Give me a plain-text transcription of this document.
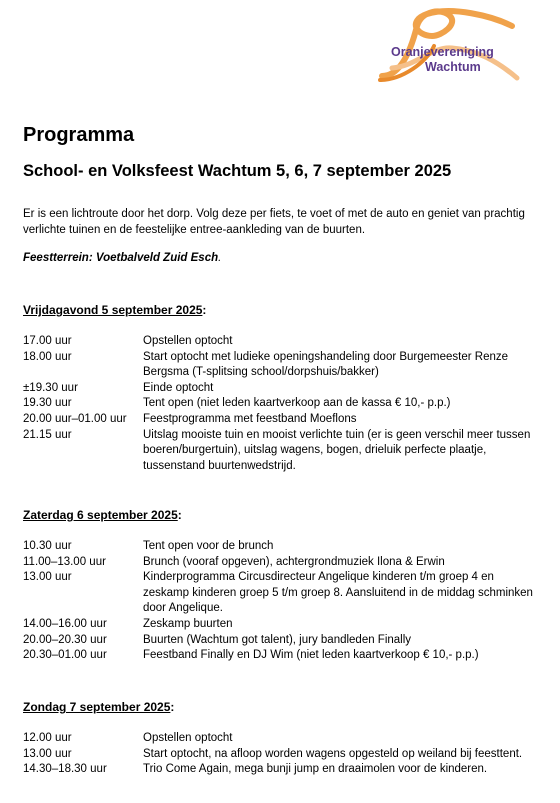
Oranjevereniging
Wachtum
Programma
School- en Volksfeest Wachtum 5, 6, 7 september 2025
Er is een lichtroute door het dorp. Volg deze per fiets, te voet of met de auto en geniet van prachtig verlichte tuinen en de feestelijke entree-aankleding van de buurten.
Feestterrein: Voetbalveld Zuid Esch.
Vrijdagavond 5 september 2025:
17.00 uur	Opstellen optocht
18.00 uur	Start optocht met ludieke openingshandeling door Burgemeester Renze Bergsma (T-splitsing school/dorpshuis/bakker)
±19.30 uur	Einde optocht
19.30 uur	Tent open (niet leden kaartverkoop aan de kassa € 10,- p.p.)
20.00 uur–01.00 uur	Feestprogramma met feestband Moeflons
21.15 uur	Uitslag mooiste tuin en mooist verlichte tuin (er is geen verschil meer tussen boeren/burgertuin), uitslag wagens, bogen, drieluik perfecte plaatje, tussenstand buurtenwedstrijd.
Zaterdag 6 september 2025:
10.30 uur	Tent open voor de brunch
11.00–13.00 uur	Brunch (vooraf opgeven), achtergrondmuziek Ilona & Erwin
13.00 uur	Kinderprogramma Circusdirecteur Angelique kinderen t/m groep 4 en zeskamp kinderen groep 5 t/m groep 8. Aansluitend in de middag schminken door Angelique.
14.00–16.00 uur	Zeskamp buurten
20.00–20.30 uur	Buurten (Wachtum got talent), jury bandleden Finally
20.30–01.00 uur	Feestband Finally en DJ Wim (niet leden kaartverkoop € 10,- p.p.)
Zondag 7 september 2025:
12.00 uur	Opstellen optocht
13.00 uur	Start optocht, na afloop worden wagens opgesteld op weiland bij feesttent.
14.30–18.30 uur	Trio Come Again, mega bunji jump en draaimolen voor de kinderen.
